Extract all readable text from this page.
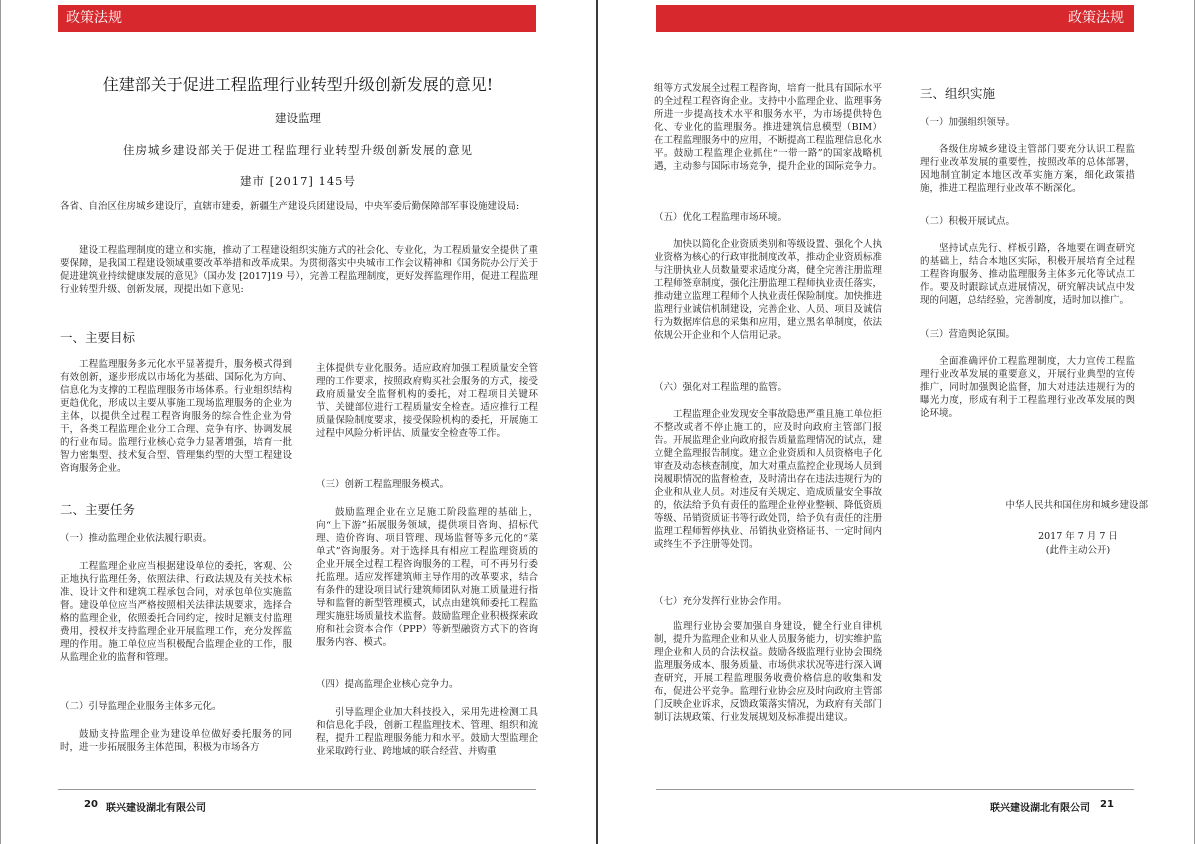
政策法规
住建部关于促进工程监理行业转型升级创新发展的意见!
建设监理
住房城乡建设部关于促进工程监理行业转型升级创新发展的意见
建市 [2017] 145号

各省、自治区住房城乡建设厅，直辖市建委，新疆生产建设兵团建设局，中央军委后勤保障部军事设施建设局:

建设工程监理制度的建立和实施，推动了工程建设组织实施方式的社会化、专业化，为工程质量安全提供了重要保障，是我国工程建设领域重要改革举措和改革成果。为贯彻落实中央城市工作会议精神和《国务院办公厅关于促进建筑业持续健康发展的意见》（国办发 [2017]19 号），完善工程监理制度，更好发挥监理作用，促进工程监理行业转型升级、创新发展，现提出如下意见:

一、主要目标

工程监理服务多元化水平显著提升，服务模式得到有效创新，逐步形成以市场化为基础、国际化为方向、信息化为支撑的工程监理服务市场体系。行业组织结构更趋优化，形成以主要从事施工现场监理服务的企业为主体，以提供全过程工程咨询服务的综合性企业为骨干，各类工程监理企业分工合理、竞争有序、协调发展的行业布局。监理行业核心竞争力显著增强，培育一批智力密集型、技术复合型、管理集约型的大型工程建设咨询服务企业。

二、主要任务
（一）推动监理企业依法履行职责。

工程监理企业应当根据建设单位的委托，客观、公正地执行监理任务，依照法律、行政法规及有关技术标准、设计文件和建筑工程承包合同，对承包单位实施监督。建设单位应当严格按照相关法律法规要求，选择合格的监理企业，依照委托合同约定，按时足额支付监理费用，授权并支持监理企业开展监理工作，充分发挥监理的作用。施工单位应当积极配合监理企业的工作，服从监理企业的监督和管理。

（二）引导监理企业服务主体多元化。

鼓励支持监理企业为建设单位做好委托服务的同时，进一步拓展服务主体范围，积极为市场各方

主体提供专业化服务。适应政府加强工程质量安全管理的工作要求，按照政府购买社会服务的方式，接受政府质量安全监督机构的委托，对工程项目关键环节、关键部位进行工程质量安全检查。适应推行工程质量保险制度要求，接受保险机构的委托，开展施工过程中风险分析评估、质量安全检查等工作。

（三）创新工程监理服务模式。

鼓励监理企业在立足施工阶段监理的基础上，向“上下游”拓展服务领域，提供项目咨询、招标代理、造价咨询、项目管理、现场监督等多元化的“菜单式”咨询服务。对于选择具有相应工程监理资质的企业开展全过程工程咨询服务的工程，可不再另行委托监理。适应发挥建筑师主导作用的改革要求，结合有条件的建设项目试行建筑师团队对施工质量进行指导和监督的新型管理模式，试点由建筑师委托工程监理实施驻场质量技术监督。鼓励监理企业积极探索政府和社会资本合作（PPP）等新型融资方式下的咨询服务内容、模式。

（四）提高监理企业核心竞争力。

引导监理企业加大科技投入，采用先进检测工具和信息化手段，创新工程监理技术、管理、组织和流程，提升工程监理服务能力和水平。鼓励大型监理企业采取跨行业、跨地域的联合经营、并购重

20 联兴建设湖北有限公司
政策法规

组等方式发展全过程工程咨询，培育一批具有国际水平的全过程工程咨询企业。支持中小监理企业、监理事务所进一步提高技术水平和服务水平，为市场提供特色化、专业化的监理服务。推进建筑信息模型（BIM）在工程监理服务中的应用，不断提高工程监理信息化水平。鼓励工程监理企业抓住“一带一路”的国家战略机遇，主动参与国际市场竞争，提升企业的国际竞争力。

（五）优化工程监理市场环境。

加快以简化企业资质类别和等级设置、强化个人执业资格为核心的行政审批制度改革，推动企业资质标准与注册执业人员数量要求适度分离，健全完善注册监理工程师签章制度，强化注册监理工程师执业责任落实，推动建立监理工程师个人执业责任保险制度。加快推进监理行业诚信机制建设，完善企业、人员、项目及诚信行为数据库信息的采集和应用，建立黑名单制度，依法依规公开企业和个人信用记录。

（六）强化对工程监理的监管。

工程监理企业发现安全事故隐患严重且施工单位拒不整改或者不停止施工的，应及时向政府主管部门报告。开展监理企业向政府报告质量监理情况的试点，建立健全监理报告制度。建立企业资质和人员资格电子化审查及动态核查制度，加大对重点监控企业现场人员到岗履职情况的监督检查，及时清出存在违法违规行为的企业和从业人员。对违反有关规定、造成质量安全事故的，依法给予负有责任的监理企业停业整顿、降低资质等级、吊销资质证书等行政处罚，给予负有责任的注册监理工程师暂停执业、吊销执业资格证书、一定时间内或终生不予注册等处罚。

（七）充分发挥行业协会作用。

监理行业协会要加强自身建设，健全行业自律机制，提升为监理企业和从业人员服务能力，切实维护监理企业和人员的合法权益。鼓励各级监理行业协会围绕监理服务成本、服务质量、市场供求状况等进行深入调查研究，开展工程监理服务收费价格信息的收集和发布，促进公平竞争。监理行业协会应及时向政府主管部门反映企业诉求，反馈政策落实情况，为政府有关部门制订法规政策、行业发展规划及标准提出建议。

三、组织实施
（一）加强组织领导。

各级住房城乡建设主管部门要充分认识工程监理行业改革发展的重要性，按照改革的总体部署，因地制宜制定本地区改革实施方案，细化政策措施，推进工程监理行业改革不断深化。

（二）积极开展试点。

坚持试点先行、样板引路，各地要在调查研究的基础上，结合本地区实际，积极开展培育全过程工程咨询服务、推动监理服务主体多元化等试点工作。要及时跟踪试点进展情况，研究解决试点中发现的问题，总结经验，完善制度，适时加以推广。

（三）营造舆论氛围。

全面准确评价工程监理制度，大力宣传工程监理行业改革发展的重要意义，开展行业典型的宣传推广，同时加强舆论监督，加大对违法违规行为的曝光力度，形成有利于工程监理行业改革发展的舆论环境。

中华人民共和国住房和城乡建设部
2017 年 7 月 7 日
(此件主动公开)
联兴建设湖北有限公司 21
